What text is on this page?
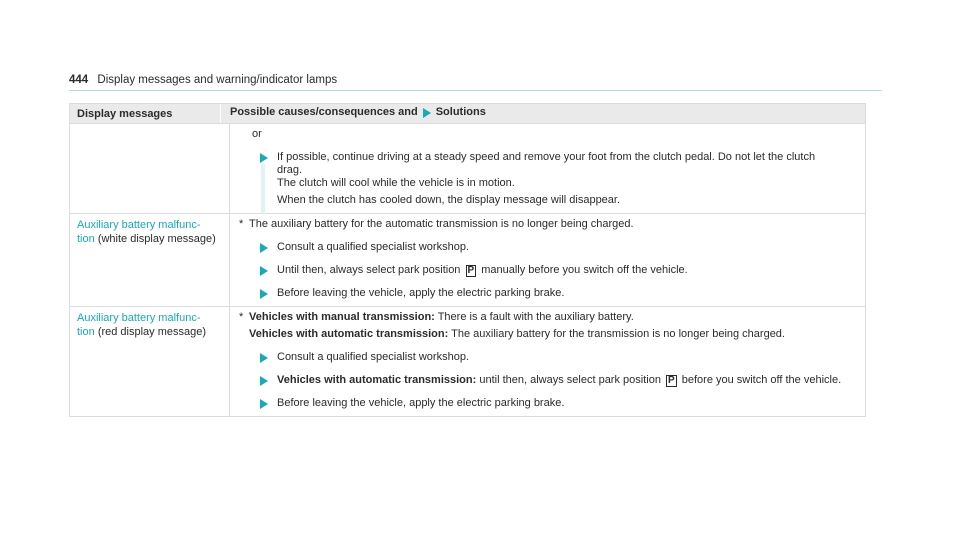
444 Display messages and warning/indicator lamps
Display messages	Possible causes/consequences and Solutions
or
If possible, continue driving at a steady speed and remove your foot from the clutch pedal. Do not let the clutch
drag.
The clutch will cool while the vehicle is in motion.
When the clutch has cooled down, the display message will disappear.
Auxiliary battery malfunc-
tion (white display message)
* The auxiliary battery for the automatic transmission is no longer being charged.
Consult a qualified specialist workshop.
Until then, always select park position P manually before you switch off the vehicle.
Before leaving the vehicle, apply the electric parking brake.
Auxiliary battery malfunc-
tion (red display message)
* Vehicles with manual transmission: There is a fault with the auxiliary battery.
Vehicles with automatic transmission: The auxiliary battery for the transmission is no longer being charged.
Consult a qualified specialist workshop.
Vehicles with automatic transmission: until then, always select park position P before you switch off the vehicle.
Before leaving the vehicle, apply the electric parking brake.
